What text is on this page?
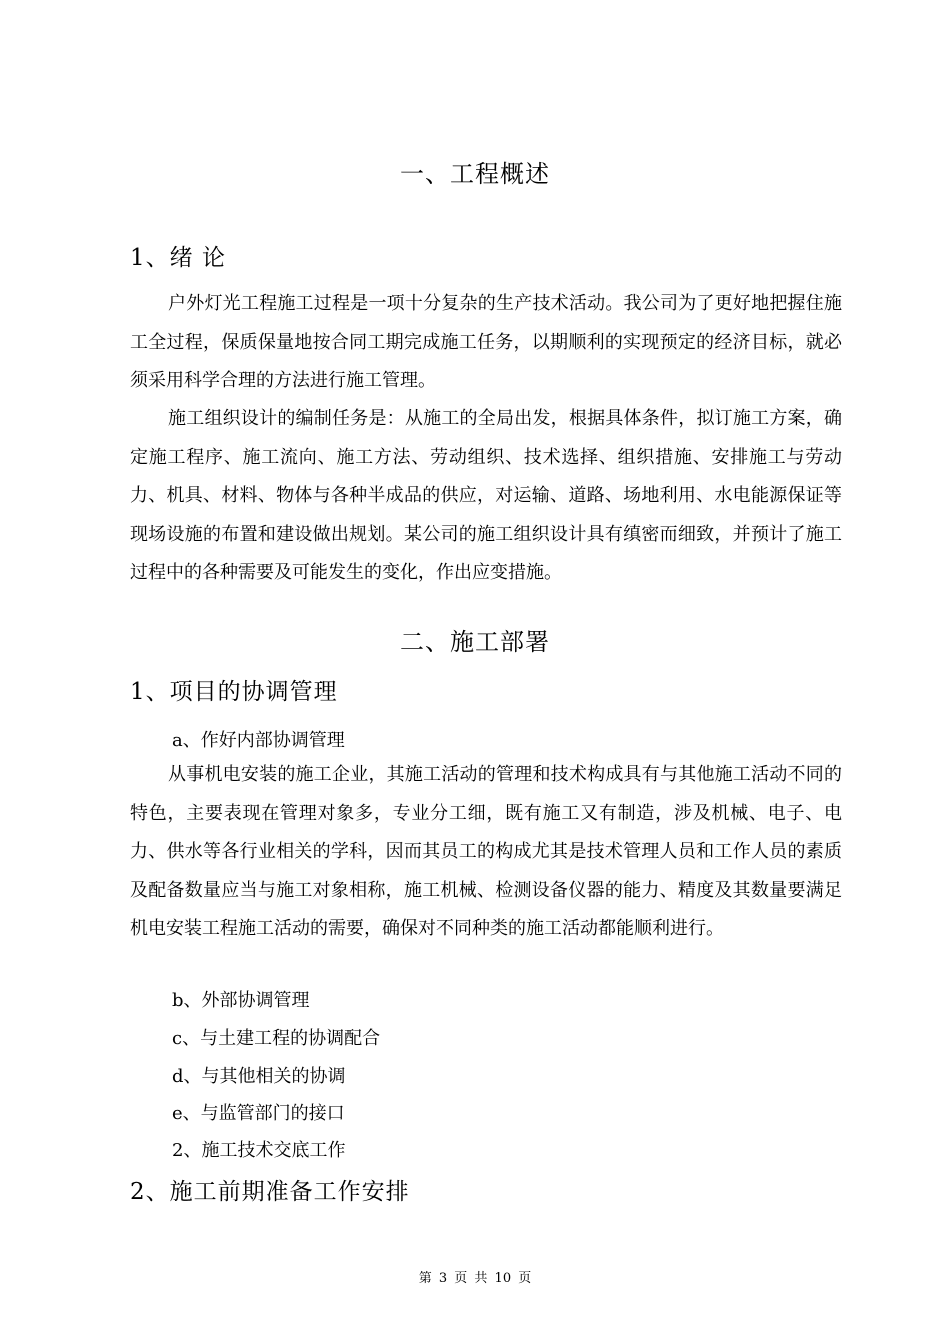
一、工程概述
1、绪 论

户外灯光工程施工过程是一项十分复杂的生产技术活动。我公司为了更好地把握住施工全过程，保质保量地按合同工期完成施工任务，以期顺利的实现预定的经济目标，就必须采用科学合理的方法进行施工管理。

施工组织设计的编制任务是：从施工的全局出发，根据具体条件，拟订施工方案，确定施工程序、施工流向、施工方法、劳动组织、技术选择、组织措施、安排施工与劳动力、机具、材料、物体与各种半成品的供应，对运输、道路、场地利用、水电能源保证等现场设施的布置和建设做出规划。某公司的施工组织设计具有缜密而细致，并预计了施工过程中的各种需要及可能发生的变化，作出应变措施。

二、施工部署
1、项目的协调管理
a、作好内部协调管理

从事机电安装的施工企业，其施工活动的管理和技术构成具有与其他施工活动不同的特色，主要表现在管理对象多，专业分工细，既有施工又有制造，涉及机械、电子、电力、供水等各行业相关的学科，因而其员工的构成尤其是技术管理人员和工作人员的素质及配备数量应当与施工对象相称，施工机械、检测设备仪器的能力、精度及其数量要满足机电安装工程施工活动的需要，确保对不同种类的施工活动都能顺利进行。

b、外部协调管理
c、与土建工程的协调配合
d、与其他相关的协调
e、与监管部门的接口
2、施工技术交底工作
2、施工前期准备工作安排
第 3 页 共 10 页
